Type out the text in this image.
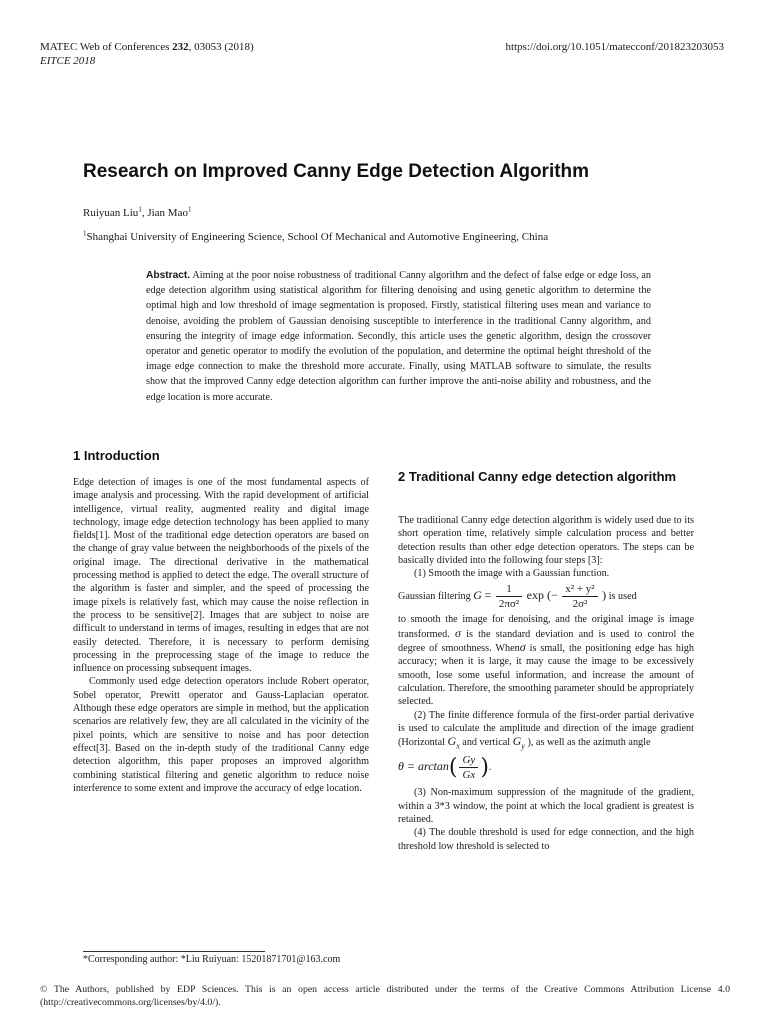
MATEC Web of Conferences 232, 03053 (2018)
EITCE 2018
https://doi.org/10.1051/matecconf/201823203053
Research on Improved Canny Edge Detection Algorithm
Ruiyuan Liu$^1$, Jian Mao$^1$
$^1$Shanghai University of Engineering Science, School Of Mechanical and Automotive Engineering, China
Abstract. Aiming at the poor noise robustness of traditional Canny algorithm and the defect of false edge or edge loss, an edge detection algorithm using statistical algorithm for filtering denoising and using genetic algorithm to determine the optimal high and low threshold of image segmentation is proposed. Firstly, statistical filtering uses mean and variance to denoise, avoiding the problem of Gaussian denoising susceptible to interference in the traditional Canny algorithm, and ensuring the integrity of image edge information. Secondly, this article uses the genetic algorithm, design the crossover operator and genetic operator to modify the evolution of the population, and determine the optimal height threshold of the image edge connection to make the threshold more accurate. Finally, using MATLAB software to simulate, the results show that the improved Canny edge detection algorithm can further improve the anti-noise ability and robustness, and the edge location is more accurate.
1 Introduction

Edge detection of images is one of the most fundamental aspects of image analysis and processing. With the rapid development of artificial intelligence, virtual reality, augmented reality and digital image technology, image edge detection technology has been applied to many fields[1]. Most of the traditional edge detection operators are based on the change of gray value between the neighborhoods of the pixels of the original image. The directional derivative in the mathematical processing method is applied to detect the edge. The overall structure of the algorithm is faster and simpler, and the speed of processing the image pixels is relatively fast, which may cause the noise reflection in the process to be sensitive[2]. Images that are subject to noise are difficult to understand in terms of images, resulting in edges that are not easily detected. Therefore, it is necessary to perform demising processing in the preprocessing stage of the image to reduce the influence on processing subsequent images.

Commonly used edge detection operators include Robert operator, Sobel operator, Prewitt operator and Gauss-Laplacian operator. Although these edge operators are simple in method, but the application scenarios are relatively few, they are all calculated in the vicinity of the pixel points, which are sensitive to noise and has poor detection effect[3]. Based on the in-depth study of the traditional Canny edge detection algorithm, this paper proposes an improved algorithm combining statistical filtering and genetic algorithm to reduce noise interference to some extent and improve the accuracy of edge location.

2 Traditional Canny edge detection algorithm

The traditional Canny edge detection algorithm is widely used due to its short operation time, relatively simple calculation process and better detection results than other edge detection operators. The steps can be basically divided into the following four steps [3]:

(1) Smooth the image with a Gaussian function.

Gaussian filtering $G = \frac{1}{\text{2πσ²}}$ exp (− $\frac{\text{x² + y²}}{\text{2σ²}}$ ) is used

to smooth the image for denoising, and the original image is image transformed. σ is the standard deviation and is used to control the degree of smoothness. Whenσ is small, the positioning edge has high accuracy; when it is large, it may cause the image to be excessively smooth, lose some useful information, and increase the amount of calculation. Therefore, the smoothing parameter should be appropriately selected.

(2) The finite difference formula of the first-order partial derivative is used to calculate the amplitude and direction of the image gradient (Horizontal $G_x$ and vertical $G_y$ ), as well as the azimuth angle

$\theta = \arctan( \frac{Gy}{Gx}$ ).

(3) Non-maximum suppression of the magnitude of the gradient, within a 3*3 window, the point at which the local gradient is greatest is retained.

(4) The double threshold is used for edge connection, and the high threshold low threshold is selected to

*Corresponding author: *Liu Ruiyuan: 15201871701@163.com
© The Authors, published by EDP Sciences. This is an open access article distributed under the terms of the Creative Commons Attribution License 4.0 (http://creativecommons.org/licenses/by/4.0/).
